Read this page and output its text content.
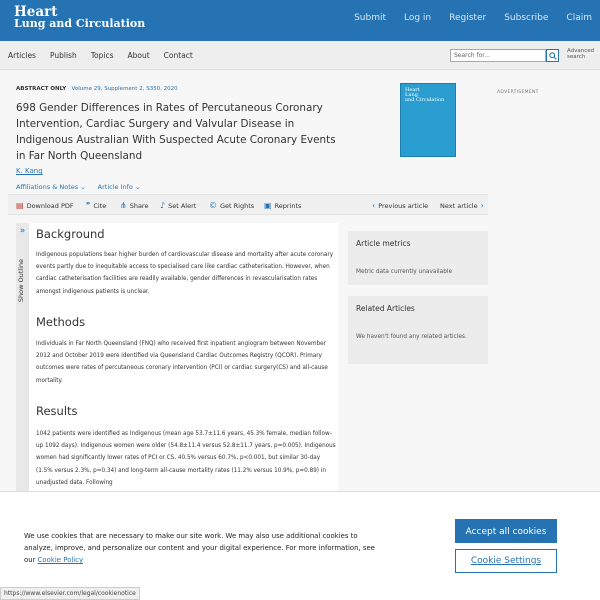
Heart
Lung and Circulation	Submit Log in Register Subscribe Claim
Articles Publish Topics About Contact	Search for...
Advanced search
ABSTRACT ONLY · Volume 29, Supplement 2, S350, 2020
698 Gender Differences in Rates of Percutaneous Coronary Intervention, Cardiac Surgery and Valvular Disease in Indigenous Australian With Suspected Acute Coronary Events in Far North Queensland
K. Kang
Affiliations & Notes ⌄ Article Info ⌄
Heart
Lung
and Circulation
ADVERTISEMENT
▤ Download PDF ❞ Cite ⋔ Share ♪ Set Alert © Get Rights ▣ Reprints	‹ Previous article Next article ›
»
Show Outline
Background
Indigenous populations bear higher burden of cardiovascular disease and mortality after acute coronary events partly due to inequitable access to specialised care like cardiac catheterisation. However, when cardiac catheterisation facilities are readily available, gender differences in revascularisation rates amongst indigenous patients is unclear.
Methods
Individuals in Far North Queensland (FNQ) who received first inpatient angiogram between November 2012 and October 2019 were identified via Queensland Cardiac Outcomes Registry (QCOR). Primary outcomes were rates of percutaneous coronary intervention (PCI) or cardiac surgery(CS) and all-cause mortality.
Results
1042 patients were identified as Indigenous (mean age 53.7±11.6 years, 45.3% female, median follow-up 1092 days). Indigenous women were older (54.8±11.4 versus 52.8±11.7 years, p=0.005). Indigenous women had significantly lower rates of PCI or CS, 40.5% versus 60.7%, p<0.001, but similar 30-day (1.5% versus 2.3%, p=0.34) and long-term all-cause mortality rates (11.2% versus 10.9%, p=0.89) in unadjusted data. Following
Article metrics
Metric data currently unavailable
Related Articles
We haven't found any related articles.
We use cookies that are necessary to make our site work. We may also use additional cookies to analyze, improve, and personalize our content and your digital experience. For more information, see our Cookie Policy
Accept all cookies
Cookie Settings
https://www.elsevier.com/legal/cookienotice
